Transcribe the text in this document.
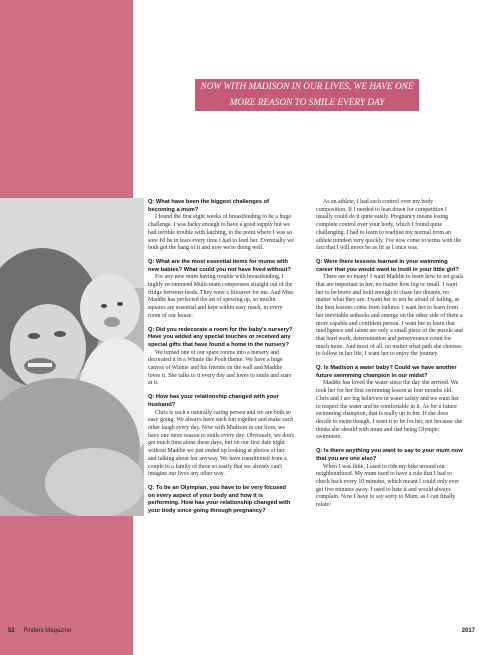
NOW WITH MADISON IN OUR LIVES, WE HAVE ONE
MORE REASON TO SMILE EVERY DAY

Q: What have been the biggest challenges of becoming a mum?

I found the first eight weeks of breastfeeding to be a huge challenge. I was lucky enough to have a good supply but we had terrible trouble with latching, to the point where I was so sore I'd be in tears every time I had to feed her. Eventually we both got the hang of it and now we're doing well.

Q: What are the most essential items for mums with new babies? What could you not have lived without?

For any new mum having trouble with breastfeeding, I highly recommend Multi-mam compresses straight out of the fridge between feeds. They were a lifesaver for me. And Miss Maddie has perfected the art of spewing up, so muslin squares are essential and kept within easy reach, in every room of our house.

Q: Did you redecorate a room for the baby's nursery? Have you added any special touches or received any special gifts that have found a home in the nursery?

We turned one of our spare rooms into a nursery and decorated it in a Winnie the Pooh theme. We have a huge canvas of Winnie and his friends on the wall and Maddie loves it. She talks to it every day and loves to smile and stare at it.

Q: How has your relationship changed with your husband?

Chris is such a naturally caring person and we are both so easy going. We always have such fun together and make each other laugh every day. Now with Madison in our lives, we have one more reason to smile every day. Obviously, we don't get much time alone these days, but on our first date night without Maddie we just ended up looking at photos of her and talking about her anyway. We have transitioned from a couple to a family of three so easily that we already can't imagine our lives any other way.

Q: To be an Olympian, you have to be very focused on every aspect of your body and how it is performing. How has your relationship changed with your body since going through pregnancy?

As an athlete, I had such control over my body composition. If I needed to lean down for competition I usually could do it quite easily. Pregnancy means losing complete control over your body, which I found quite challenging. I had to learn to readjust my normal from an athlete mindset very quickly. I've now come to terms with the fact that I will never be as fit as I once was.

Q: Were there lessons learned in your swimming career that you would want to instil in your little girl?

There are so many! I want Maddie to learn how to set goals that are important to her, no matter how big or small. I want her to be brave and bold enough to chase her dreams, no matter what they are. I want her to not be afraid of failing, as the best lessons come from failures. I want her to learn from her inevitable setbacks and emerge on the other side of them a more capable and confident person. I want her to learn that intelligence and talent are only a small piece of the puzzle and that hard work, determination and perseverance count for much more. And most of all, no matter what path she chooses to follow in her life, I want her to enjoy the journey.

Q: Is Madison a water baby? Could we have another future swimming champion in our midst?

Maddie has loved the water since the day she arrived. We took her for her first swimming lesson at four months old. Chris and I are big believers in water safety and we want her to respect the water and be comfortable in it. As for a future swimming champion, that is really up to her. If she does decide to swim though, I want it to be for her, not because she thinks she should with mum and dad being Olympic swimmers.

Q: Is there anything you want to say to your mum now that you are one also?

When I was little, I used to ride my bike around our neighbourhood. My mum used to have a rule that I had to check back every 10 minutes, which meant I could only ever get five minutes away. I used to hate it and would always complain. Now I have to say sorry to Mum, as I can finally relate!

52 | Finders Magazine	2017
